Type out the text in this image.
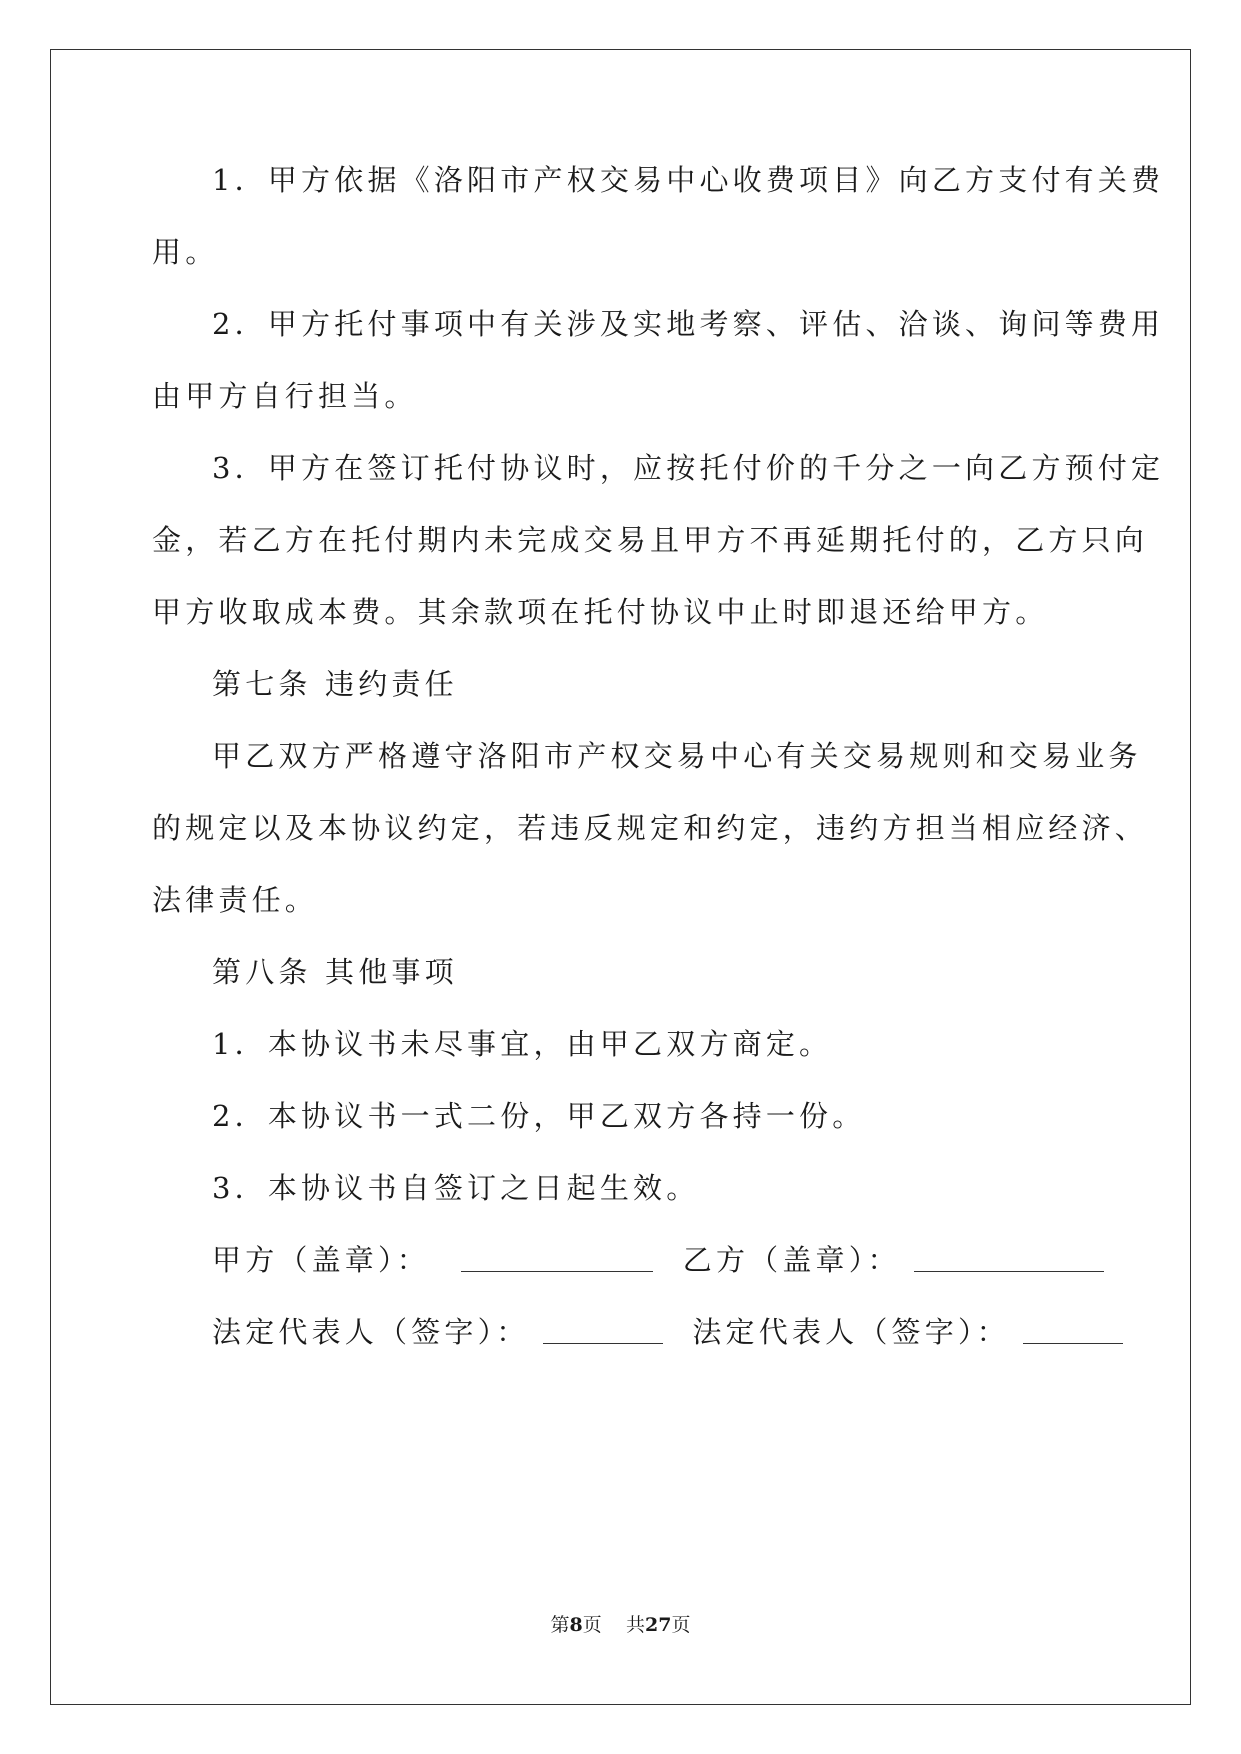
1．甲方依据《洛阳市产权交易中心收费项目》向乙方支付有关费
用。
2．甲方托付事项中有关涉及实地考察、评估、洽谈、询问等费用
由甲方自行担当。
3．甲方在签订托付协议时，应按托付价的千分之一向乙方预付定
金，若乙方在托付期内未完成交易且甲方不再延期托付的，乙方只向
甲方收取成本费。其余款项在托付协议中止时即退还给甲方。
第七条 违约责任
甲乙双方严格遵守洛阳市产权交易中心有关交易规则和交易业务
的规定以及本协议约定，若违反规定和约定，违约方担当相应经济、
法律责任。
第八条 其他事项
1．本协议书未尽事宜，由甲乙双方商定。
2．本协议书一式二份，甲乙双方各持一份。
3．本协议书自签订之日起生效。
甲方（盖章）：	乙方（盖章）：
法定代表人（签字）：	法定代表人（签字）：
第8页 共27页
